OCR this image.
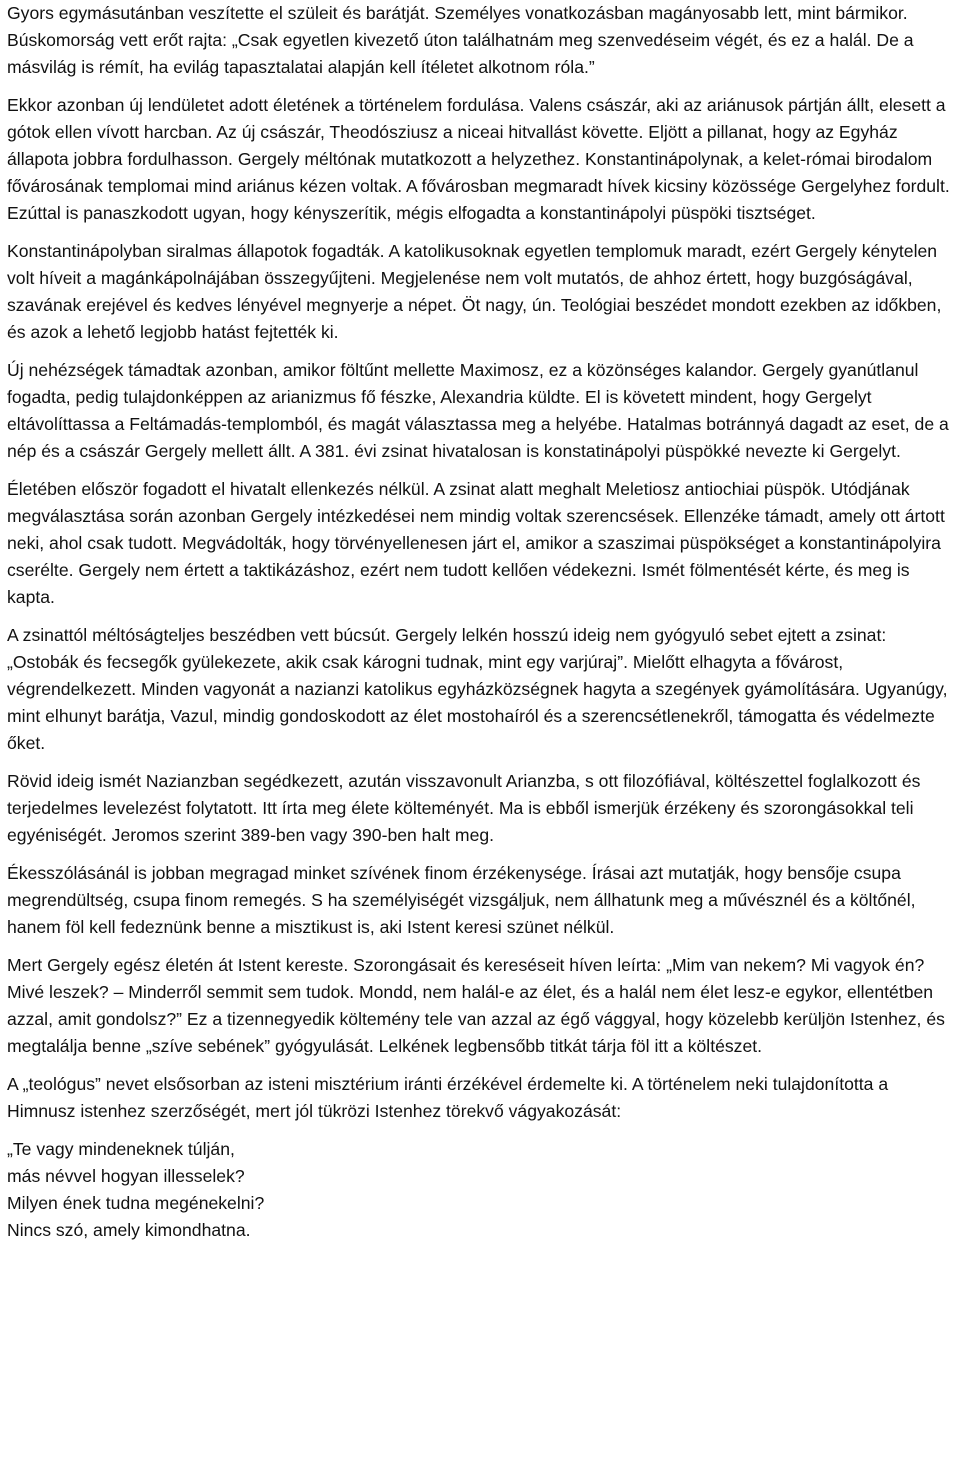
Gyors egymásutánban veszítette el szüleit és barátját. Személyes vonatkozásban magányosabb lett, mint bármikor. Búskomorság vett erőt rajta: „Csak egyetlen kivezető úton találhatnám meg szenvedéseim végét, és ez a halál. De a másvilág is rémít, ha evilág tapasztalatai alapján kell ítéletet alkotnom róla.”

Ekkor azonban új lendületet adott életének a történelem fordulása. Valens császár, aki az ariánusok pártján állt, elesett a gótok ellen vívott harcban. Az új császár, Theodósziusz a niceai hitvallást követte. Eljött a pillanat, hogy az Egyház állapota jobbra fordulhasson. Gergely méltónak mutatkozott a helyzethez. Konstantinápolynak, a kelet-római birodalom fővárosának templomai mind ariánus kézen voltak. A fővárosban megmaradt hívek kicsiny közössége Gergelyhez fordult. Ezúttal is panaszkodott ugyan, hogy kényszerítik, mégis elfogadta a konstantinápolyi püspöki tisztséget.

Konstantinápolyban siralmas állapotok fogadták. A katolikusoknak egyetlen templomuk maradt, ezért Gergely kénytelen volt híveit a magánkápolnájában összegyűjteni. Megjelenése nem volt mutatós, de ahhoz értett, hogy buzgóságával, szavának erejével és kedves lényével megnyerje a népet. Öt nagy, ún. Teológiai beszédet mondott ezekben az időkben, és azok a lehető legjobb hatást fejtették ki.

Új nehézségek támadtak azonban, amikor föltűnt mellette Maximosz, ez a közönséges kalandor. Gergely gyanútlanul fogadta, pedig tulajdonképpen az arianizmus fő fészke, Alexandria küldte. El is követett mindent, hogy Gergelyt eltávolíttassa a Feltámadás-templomból, és magát választassa meg a helyébe. Hatalmas botránnyá dagadt az eset, de a nép és a császár Gergely mellett állt. A 381. évi zsinat hivatalosan is konstatinápolyi püspökké nevezte ki Gergelyt.

Életében először fogadott el hivatalt ellenkezés nélkül. A zsinat alatt meghalt Meletiosz antiochiai püspök. Utódjának megválasztása során azonban Gergely intézkedései nem mindig voltak szerencsések. Ellenzéke támadt, amely ott ártott neki, ahol csak tudott. Megvádolták, hogy törvényellenesen járt el, amikor a szaszimai püspökséget a konstantinápolyira cserélte. Gergely nem értett a taktikázáshoz, ezért nem tudott kellően védekezni. Ismét fölmentését kérte, és meg is kapta.

A zsinattól méltóságteljes beszédben vett búcsút. Gergely lelkén hosszú ideig nem gyógyuló sebet ejtett a zsinat: „Ostobák és fecsegők gyülekezete, akik csak károgni tudnak, mint egy varjúraj”. Mielőtt elhagyta a fővárost, végrendelkezett. Minden vagyonát a nazianzi katolikus egyházközségnek hagyta a szegények gyámolítására. Ugyanúgy, mint elhunyt barátja, Vazul, mindig gondoskodott az élet mostohaíról és a szerencsétlenekről, támogatta és védelmezte őket.

Rövid ideig ismét Nazianzban segédkezett, azután visszavonult Arianzba, s ott filozófiával, költészettel foglalkozott és terjedelmes levelezést folytatott. Itt írta meg élete költeményét. Ma is ebből ismerjük érzékeny és szorongásokkal teli egyéniségét. Jeromos szerint 389-ben vagy 390-ben halt meg.

Ékesszólásánál is jobban megragad minket szívének finom érzékenysége. Írásai azt mutatják, hogy bensője csupa megrendültség, csupa finom remegés. S ha személyiségét vizsgáljuk, nem állhatunk meg a művésznél és a költőnél, hanem föl kell fedeznünk benne a misztikust is, aki Istent keresi szünet nélkül.

Mert Gergely egész életén át Istent kereste. Szorongásait és kereséseit híven leírta: „Mim van nekem? Mi vagyok én? Mivé leszek? – Minderről semmit sem tudok. Mondd, nem halál-e az élet, és a halál nem élet lesz-e egykor, ellentétben azzal, amit gondolsz?” Ez a tizennegyedik költemény tele van azzal az égő vággyal, hogy közelebb kerüljön Istenhez, és megtalálja benne „szíve sebének” gyógyulását. Lelkének legbensőbb titkát tárja föl itt a költészet.

A „teológus” nevet elsősorban az isteni misztérium iránti érzékével érdemelte ki. A történelem neki tulajdonította a Himnusz istenhez szerzőségét, mert jól tükrözi Istenhez törekvő vágyakozását:

„Te vagy mindeneknek túlján,
más névvel hogyan illesselek?
Milyen ének tudna megénekelni?
Nincs szó, amely kimondhatna.
